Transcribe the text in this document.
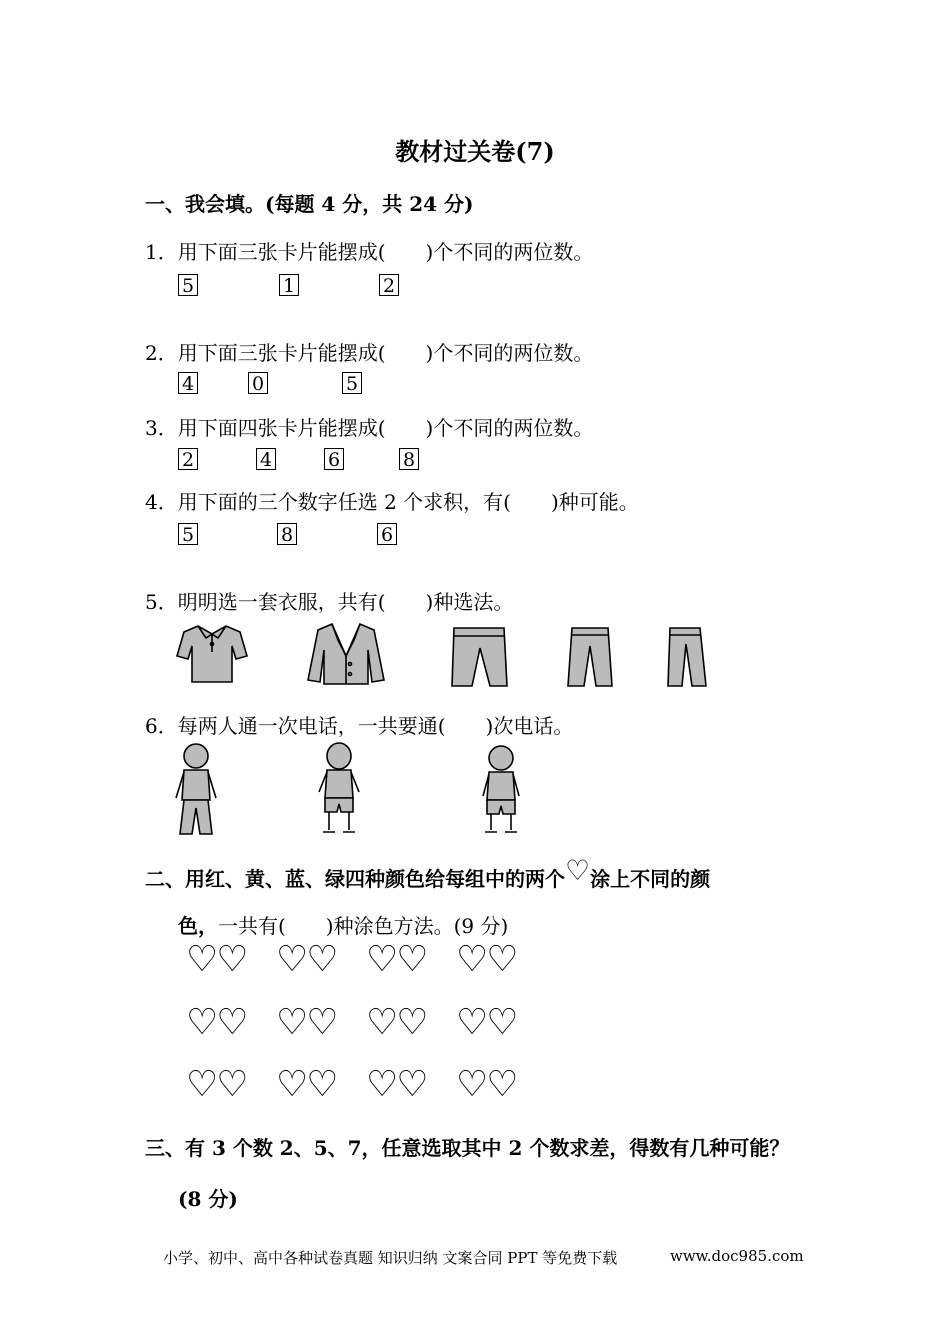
教材过关卷(7)
一、我会填。(每题 4 分，共 24 分)
1．用下面三张卡片能摆成(　　)个不同的两位数。
5	1	2
2．用下面三张卡片能摆成(　　)个不同的两位数。
4	0	5
3．用下面四张卡片能摆成(　　)个不同的两位数。
2	4	6	8
4．用下面的三个数字任选 2 个求积，有(　　)种可能。
5	8	6
5．明明选一套衣服，共有(　　)种选法。
6．每两人通一次电话，一共要通(　　)次电话。
二、用红、黄、蓝、绿四种颜色给每组中的两个♡涂上不同的颜
色，一共有(　　)种涂色方法。(9 分)
♡♡ ♡♡ ♡♡ ♡♡
♡♡ ♡♡ ♡♡ ♡♡
♡♡ ♡♡ ♡♡ ♡♡
三、有 3 个数 2、5、7，任意选取其中 2 个数求差，得数有几种可能？
(8 分)
小学、初中、高中各种试卷真题 知识归纳 文案合同 PPT 等免费下载	www.doc985.com
